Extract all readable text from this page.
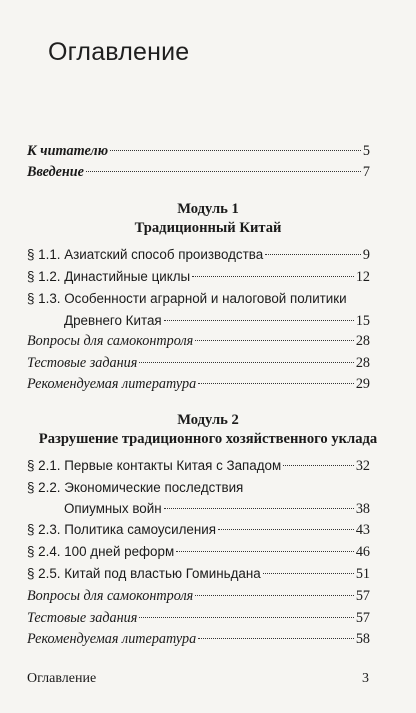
Оглавление
К читателю	5
Введение	7
Модуль 1
Традиционный Китай
§ 1.1. Азиатский способ производства	9
§ 1.2. Династийные циклы	12
§ 1.3. Особенности аграрной и налоговой политики
Древнего Китая	15
Вопросы для самоконтроля	28
Тестовые задания	28
Рекомендуемая литература	29
Модуль 2
Разрушение традиционного хозяйственного уклада
§ 2.1. Первые контакты Китая с Западом	32
§ 2.2. Экономические последствия
Опиумных войн	38
§ 2.3. Политика самоусиления	43
§ 2.4. 100 дней реформ	46
§ 2.5. Китай под властью Гоминьдана	51
Вопросы для самоконтроля	57
Тестовые задания	57
Рекомендуемая литература	58
Оглавление	3
